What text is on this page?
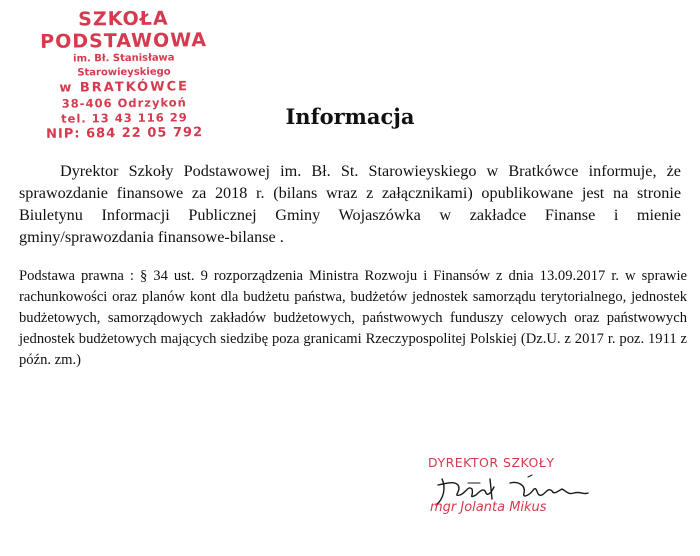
SZKOŁA PODSTAWOWA
im. Bł. Stanisława Starowieyskiego
w BRATKÓWCE
38-406 Odrzykoń
tel. 13 43 116 29
NIP: 684 22 05 792
Informacja

Dyrektor Szkoły Podstawowej im. Bł. St. Starowieyskiego w Bratkówce informuje, że sprawozdanie finansowe za 2018 r. (bilans wraz z załącznikami) opublikowane jest na stronie Biuletynu Informacji Publicznej Gminy Wojaszówka w zakładce Finanse i mienie gminy/sprawozdania finansowe-bilanse .

Podstawa prawna : § 34 ust. 9 rozporządzenia Ministra Rozwoju i Finansów z dnia 13.09.2017 r. w sprawie rachunkowości oraz planów kont dla budżetu państwa, budżetów jednostek samorządu terytorialnego, jednostek budżetowych, samorządowych zakładów budżetowych, państwowych funduszy celowych oraz państwowych jednostek budżetowych mających siedzibę poza granicami Rzeczypospolitej Polskiej (Dz.U. z 2017 r. poz. 1911 z późn. zm.)

DYREKTOR SZKOŁY
mgr Jolanta Mikus
